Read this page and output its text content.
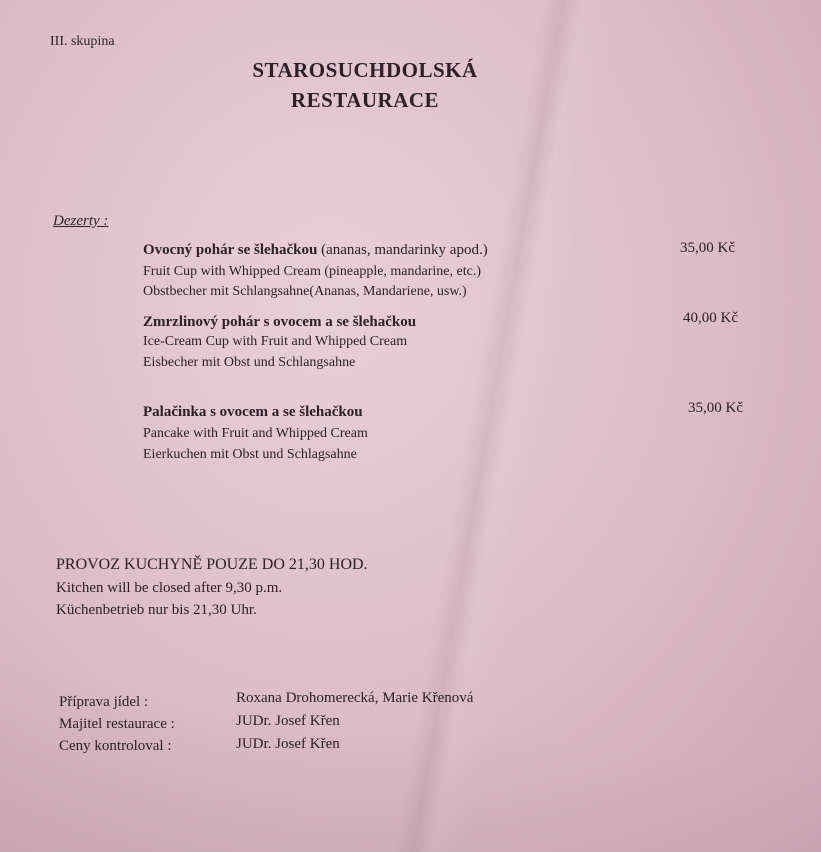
III. skupina
STAROSUCHDOLSKÁ
RESTAURACE
Dezerty :
Ovocný pohár se šlehačkou (ananas, mandarinky apod.)	35,00 Kč
Fruit Cup with Whipped Cream (pineapple, mandarine, etc.)
Obstbecher mit Schlangsahne(Ananas, Mandariene, usw.)
Zmrzlinový pohár s ovocem a se šlehačkou	40,00 Kč
Ice-Cream Cup with Fruit and Whipped Cream
Eisbecher mit Obst und Schlangsahne
Palačinka s ovocem a se šlehačkou	35,00 Kč
Pancake with Fruit and Whipped Cream
Eierkuchen mit Obst und Schlagsahne
PROVOZ KUCHYNĚ POUZE DO 21,30 HOD.
Kitchen will be closed after 9,30 p.m.
Küchenbetrieb nur bis 21,30 Uhr.
Příprava jídel :	Roxana Drohomerecká, Marie Křenová
Majitel restaurace :	JUDr. Josef Křen
Ceny kontroloval :	JUDr. Josef Křen
